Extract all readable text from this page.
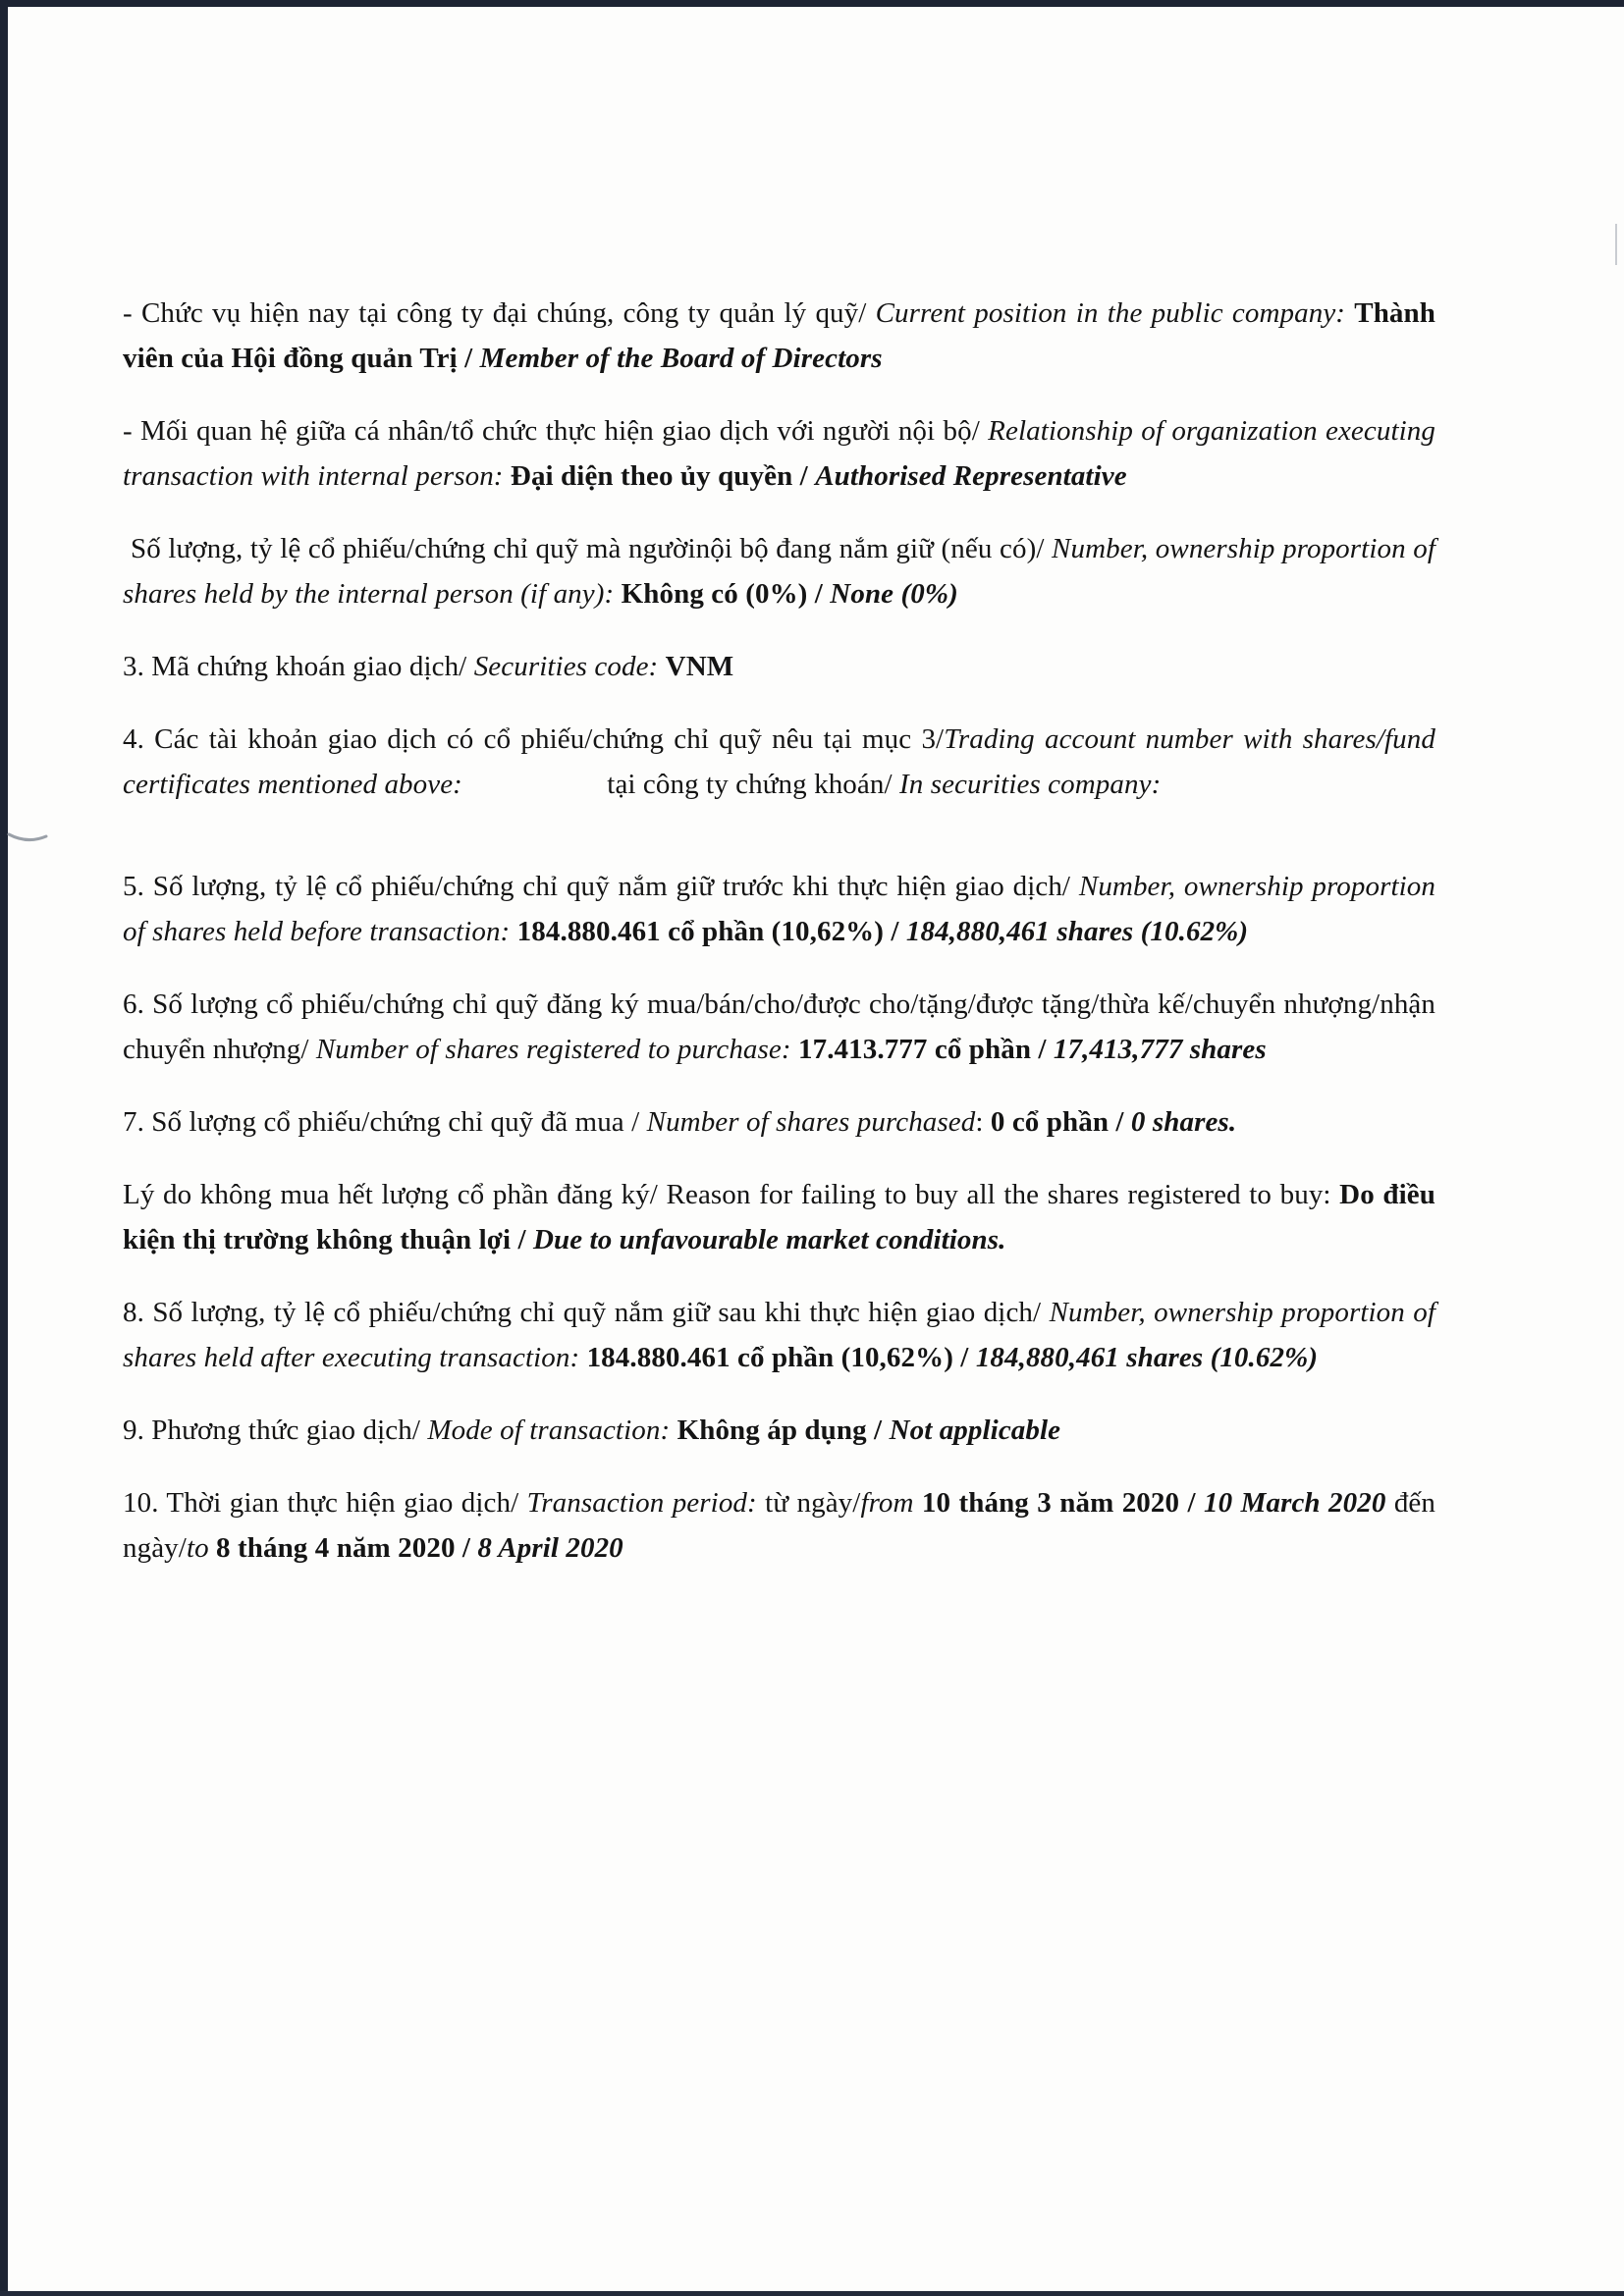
- Chức vụ hiện nay tại công ty đại chúng, công ty quản lý quỹ/ Current position in the public company: Thành viên của Hội đồng quản Trị / Member of the Board of Directors

- Mối quan hệ giữa cá nhân/tổ chức thực hiện giao dịch với người nội bộ/ Relationship of organization executing transaction with internal person: Đại diện theo ủy quyền / Authorised Representative

Số lượng, tỷ lệ cổ phiếu/chứng chỉ quỹ mà ngườinội bộ đang nắm giữ (nếu có)/ Number, ownership proportion of shares held by the internal person (if any): Không có (0%) / None (0%)

3. Mã chứng khoán giao dịch/ Securities code: VNM

4. Các tài khoản giao dịch có cổ phiếu/chứng chỉ quỹ nêu tại mục 3/Trading account number with shares/fund certificates mentioned above:	tại công ty chứng khoán/ In securities company:

5. Số lượng, tỷ lệ cổ phiếu/chứng chỉ quỹ nắm giữ trước khi thực hiện giao dịch/ Number, ownership proportion of shares held before transaction: 184.880.461 cổ phần (10,62%) / 184,880,461 shares (10.62%)

6. Số lượng cổ phiếu/chứng chỉ quỹ đăng ký mua/bán/cho/được cho/tặng/được tặng/thừa kế/chuyển nhượng/nhận chuyển nhượng/ Number of shares registered to purchase: 17.413.777 cổ phần / 17,413,777 shares

7. Số lượng cổ phiếu/chứng chỉ quỹ đã mua / Number of shares purchased: 0 cổ phần / 0 shares.

Lý do không mua hết lượng cổ phần đăng ký/ Reason for failing to buy all the shares registered to buy: Do điều kiện thị trường không thuận lợi / Due to unfavourable market conditions.

8. Số lượng, tỷ lệ cổ phiếu/chứng chỉ quỹ nắm giữ sau khi thực hiện giao dịch/ Number, ownership proportion of shares held after executing transaction: 184.880.461 cổ phần (10,62%) / 184,880,461 shares (10.62%)

9. Phương thức giao dịch/ Mode of transaction: Không áp dụng / Not applicable

10. Thời gian thực hiện giao dịch/ Transaction period: từ ngày/from 10 tháng 3 năm 2020 / 10 March 2020 đến ngày/to 8 tháng 4 năm 2020 / 8 April 2020
